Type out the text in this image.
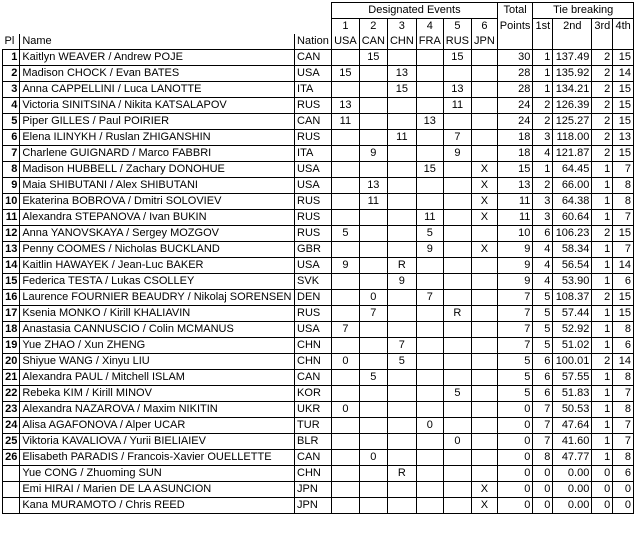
			Designated Events						Total	Tie breaking			
			1	2	3	4	5	6	Points	1st	2nd	3rd	4th
Pl	Name	Nation	USA	CAN	CHN	FRA	RUS	JPN					
1	Kaitlyn WEAVER / Andrew POJE	CAN		15			15		30	1	137.49	2	15
2	Madison CHOCK / Evan BATES	USA	15		13				28	1	135.92	2	14
3	Anna CAPPELLINI / Luca LANOTTE	ITA			15		13		28	1	134.21	2	15
4	Victoria SINITSINA / Nikita KATSALAPOV	RUS	13				11		24	2	126.39	2	15
5	Piper GILLES / Paul POIRIER	CAN	11			13			24	2	125.27	2	15
6	Elena ILINYKH / Ruslan ZHIGANSHIN	RUS			11		7		18	3	118.00	2	13
7	Charlene GUIGNARD / Marco FABBRI	ITA		9			9		18	4	121.87	2	15
8	Madison HUBBELL / Zachary DONOHUE	USA				15		X	15	1	64.45	1	7
9	Maia SHIBUTANI / Alex SHIBUTANI	USA		13				X	13	2	66.00	1	8
10	Ekaterina BOBROVA / Dmitri SOLOVIEV	RUS		11				X	11	3	64.38	1	8
11	Alexandra STEPANOVA / Ivan BUKIN	RUS				11		X	11	3	60.64	1	7
12	Anna YANOVSKAYA / Sergey MOZGOV	RUS	5			5			10	6	106.23	2	15
13	Penny COOMES / Nicholas BUCKLAND	GBR				9		X	9	4	58.34	1	7
14	Kaitlin HAWAYEK / Jean-Luc BAKER	USA	9		R				9	4	56.54	1	14
15	Federica TESTA / Lukas CSOLLEY	SVK			9				9	4	53.90	1	6
16	Laurence FOURNIER BEAUDRY / Nikolaj SORENSEN	DEN		0		7			7	5	108.37	2	15
17	Ksenia MONKO / Kirill KHALIAVIN	RUS		7			R		7	5	57.44	1	15
18	Anastasia CANNUSCIO / Colin MCMANUS	USA	7						7	5	52.92	1	8
19	Yue ZHAO / Xun ZHENG	CHN			7				7	5	51.02	1	6
20	Shiyue WANG / Xinyu LIU	CHN	0		5				5	6	100.01	2	14
21	Alexandra PAUL / Mitchell ISLAM	CAN		5					5	6	57.55	1	8
22	Rebeka KIM / Kirill MINOV	KOR					5		5	6	51.83	1	7
23	Alexandra NAZAROVA / Maxim NIKITIN	UKR	0						0	7	50.53	1	8
24	Alisa AGAFONOVA / Alper UCAR	TUR				0			0	7	47.64	1	7
25	Viktoria KAVALIOVA / Yurii BIELIAIEV	BLR					0		0	7	41.60	1	7
26	Elisabeth PARADIS / Francois-Xavier OUELLETTE	CAN		0					0	8	47.77	1	8
	Yue CONG / Zhuoming SUN	CHN			R				0	0	0.00	0	6
	Emi HIRAI / Marien DE LA ASUNCION	JPN						X	0	0	0.00	0	0
	Kana MURAMOTO / Chris REED	JPN						X	0	0	0.00	0	0
